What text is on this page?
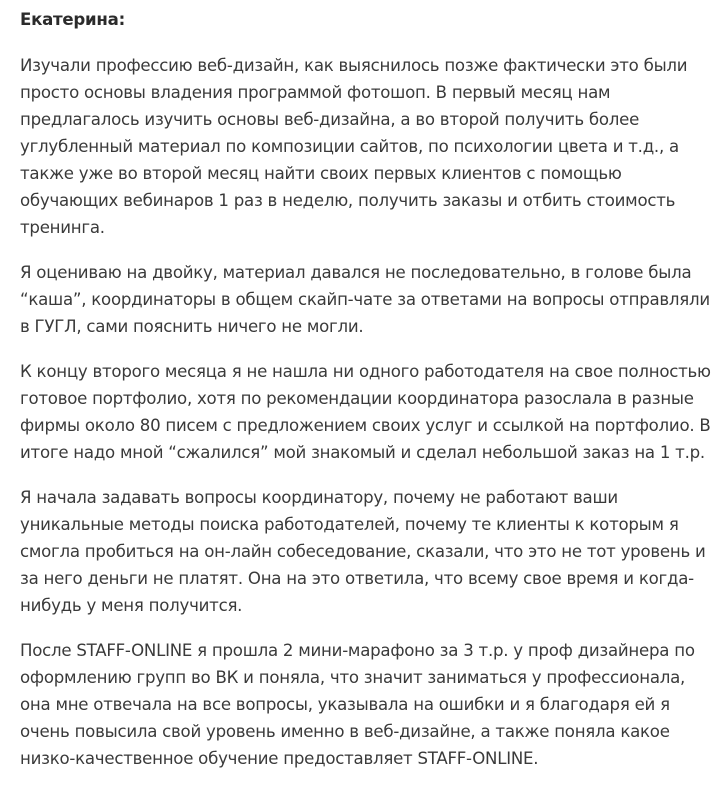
Екатерина:

Изучали профессию веб-дизайн, как выяснилось позже фактически это были просто основы владения программой фотошоп. В первый месяц нам предлагалось изучить основы веб-дизайна, а во второй получить более углубленный материал по композиции сайтов, по психологии цвета и т.д., а также уже во второй месяц найти своих первых клиентов с помощью обучающих вебинаров 1 раз в неделю, получить заказы и отбить стоимость тренинга.

Я оцениваю на двойку, материал давался не последовательно, в голове была “каша”, координаторы в общем скайп-чате за ответами на вопросы отправляли в ГУГЛ, сами пояснить ничего не могли.

К концу второго месяца я не нашла ни одного работодателя на свое полностью готовое портфолио, хотя по рекомендации координатора разослала в разные фирмы около 80 писем с предложением своих услуг и ссылкой на портфолио. В итоге надо мной “сжалился” мой знакомый и сделал небольшой заказ на 1 т.р.

Я начала задавать вопросы координатору, почему не работают ваши уникальные методы поиска работодателей, почему те клиенты к которым я смогла пробиться на он-лайн собеседование, сказали, что это не тот уровень и за него деньги не платят. Она на это ответила, что всему свое время и когда-нибудь у меня получится.

После STAFF-ONLINE я прошла 2 мини-марафоно за 3 т.р. у проф дизайнера по оформлению групп во ВК и поняла, что значит заниматься у профессионала, она мне отвечала на все вопросы, указывала на ошибки и я благодаря ей я очень повысила свой уровень именно в веб-дизайне, а также поняла какое низко-качественное обучение предоставляет STAFF-ONLINE.
